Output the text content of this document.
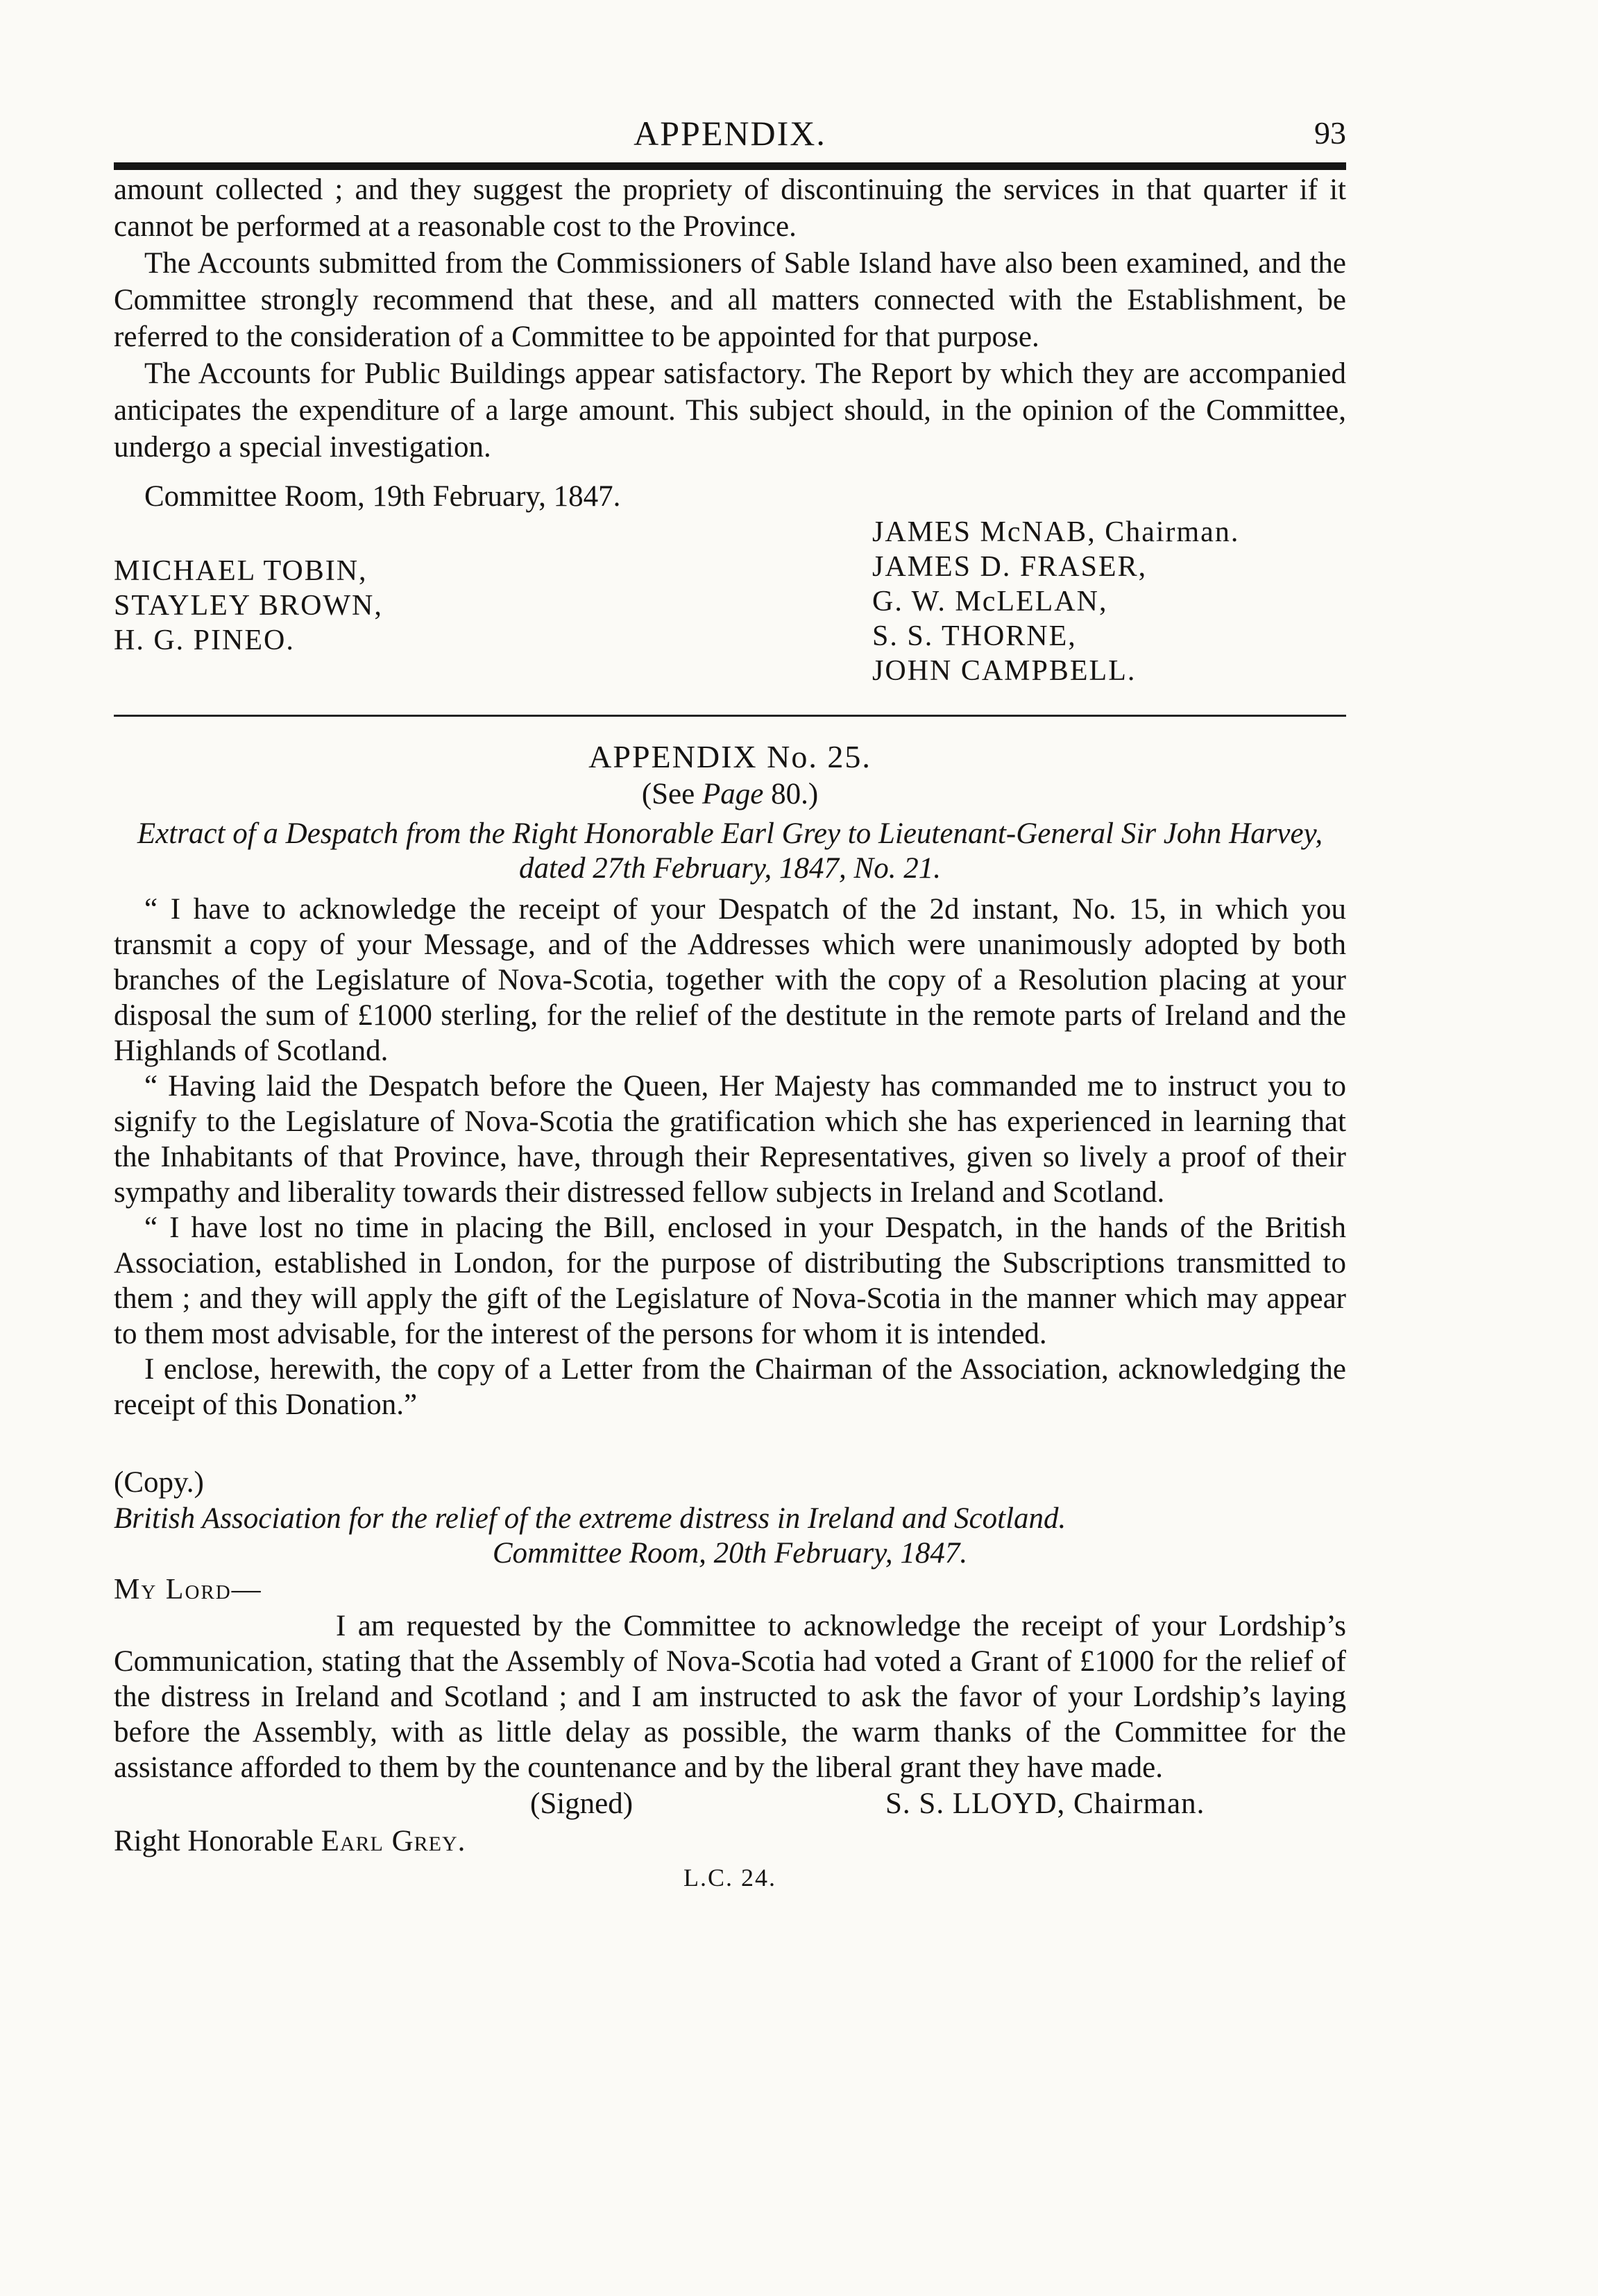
APPENDIX.	93

amount collected ; and they suggest the propriety of discontinuing the services in that quarter if it cannot be performed at a reasonable cost to the Province.

The Accounts submitted from the Commissioners of Sable Island have also been examined, and the Committee strongly recommend that these, and all matters connected with the Establishment, be referred to the consideration of a Committee to be appointed for that purpose.

The Accounts for Public Buildings appear satisfactory. The Report by which they are accompanied anticipates the expenditure of a large amount. This subject should, in the opinion of the Committee, undergo a special investigation.

Committee Room, 19th February, 1847.

MICHAEL TOBIN,
STAYLEY BROWN,
H. G. PINEO.
JAMES McNAB, Chairman.
JAMES D. FRASER,
G. W. McLELAN,
S. S. THORNE,
JOHN CAMPBELL.
APPENDIX No. 25.
(See Page 80.)

Extract of a Despatch from the Right Honorable Earl Grey to Lieutenant-General Sir John Harvey, dated 27th February, 1847, No. 21.

“ I have to acknowledge the receipt of your Despatch of the 2d instant, No. 15, in which you transmit a copy of your Message, and of the Addresses which were unanimously adopted by both branches of the Legislature of Nova-Scotia, together with the copy of a Resolution placing at your disposal the sum of £1000 sterling, for the relief of the destitute in the remote parts of Ireland and the Highlands of Scotland.

“ Having laid the Despatch before the Queen, Her Majesty has commanded me to instruct you to signify to the Legislature of Nova-Scotia the gratification which she has experienced in learning that the Inhabitants of that Province, have, through their Representatives, given so lively a proof of their sympathy and liberality towards their distressed fellow subjects in Ireland and Scotland.

“ I have lost no time in placing the Bill, enclosed in your Despatch, in the hands of the British Association, established in London, for the purpose of distributing the Subscriptions transmitted to them ; and they will apply the gift of the Legislature of Nova-Scotia in the manner which may appear to them most advisable, for the interest of the persons for whom it is intended.

I enclose, herewith, the copy of a Letter from the Chairman of the Association, acknowledging the receipt of this Donation.”

(Copy.)

British Association for the relief of the extreme distress in Ireland and Scotland.

Committee Room, 20th February, 1847.

My Lord—

I am requested by the Committee to acknowledge the receipt of your Lordship’s Communication, stating that the Assembly of Nova-Scotia had voted a Grant of £1000 for the relief of the distress in Ireland and Scotland ; and I am instructed to ask the favor of your Lordship’s laying before the Assembly, with as little delay as possible, the warm thanks of the Committee for the assistance afforded to them by the countenance and by the liberal grant they have made.

(Signed)	S. S. LLOYD, Chairman.

Right Honorable Earl Grey.

L.C. 24.
